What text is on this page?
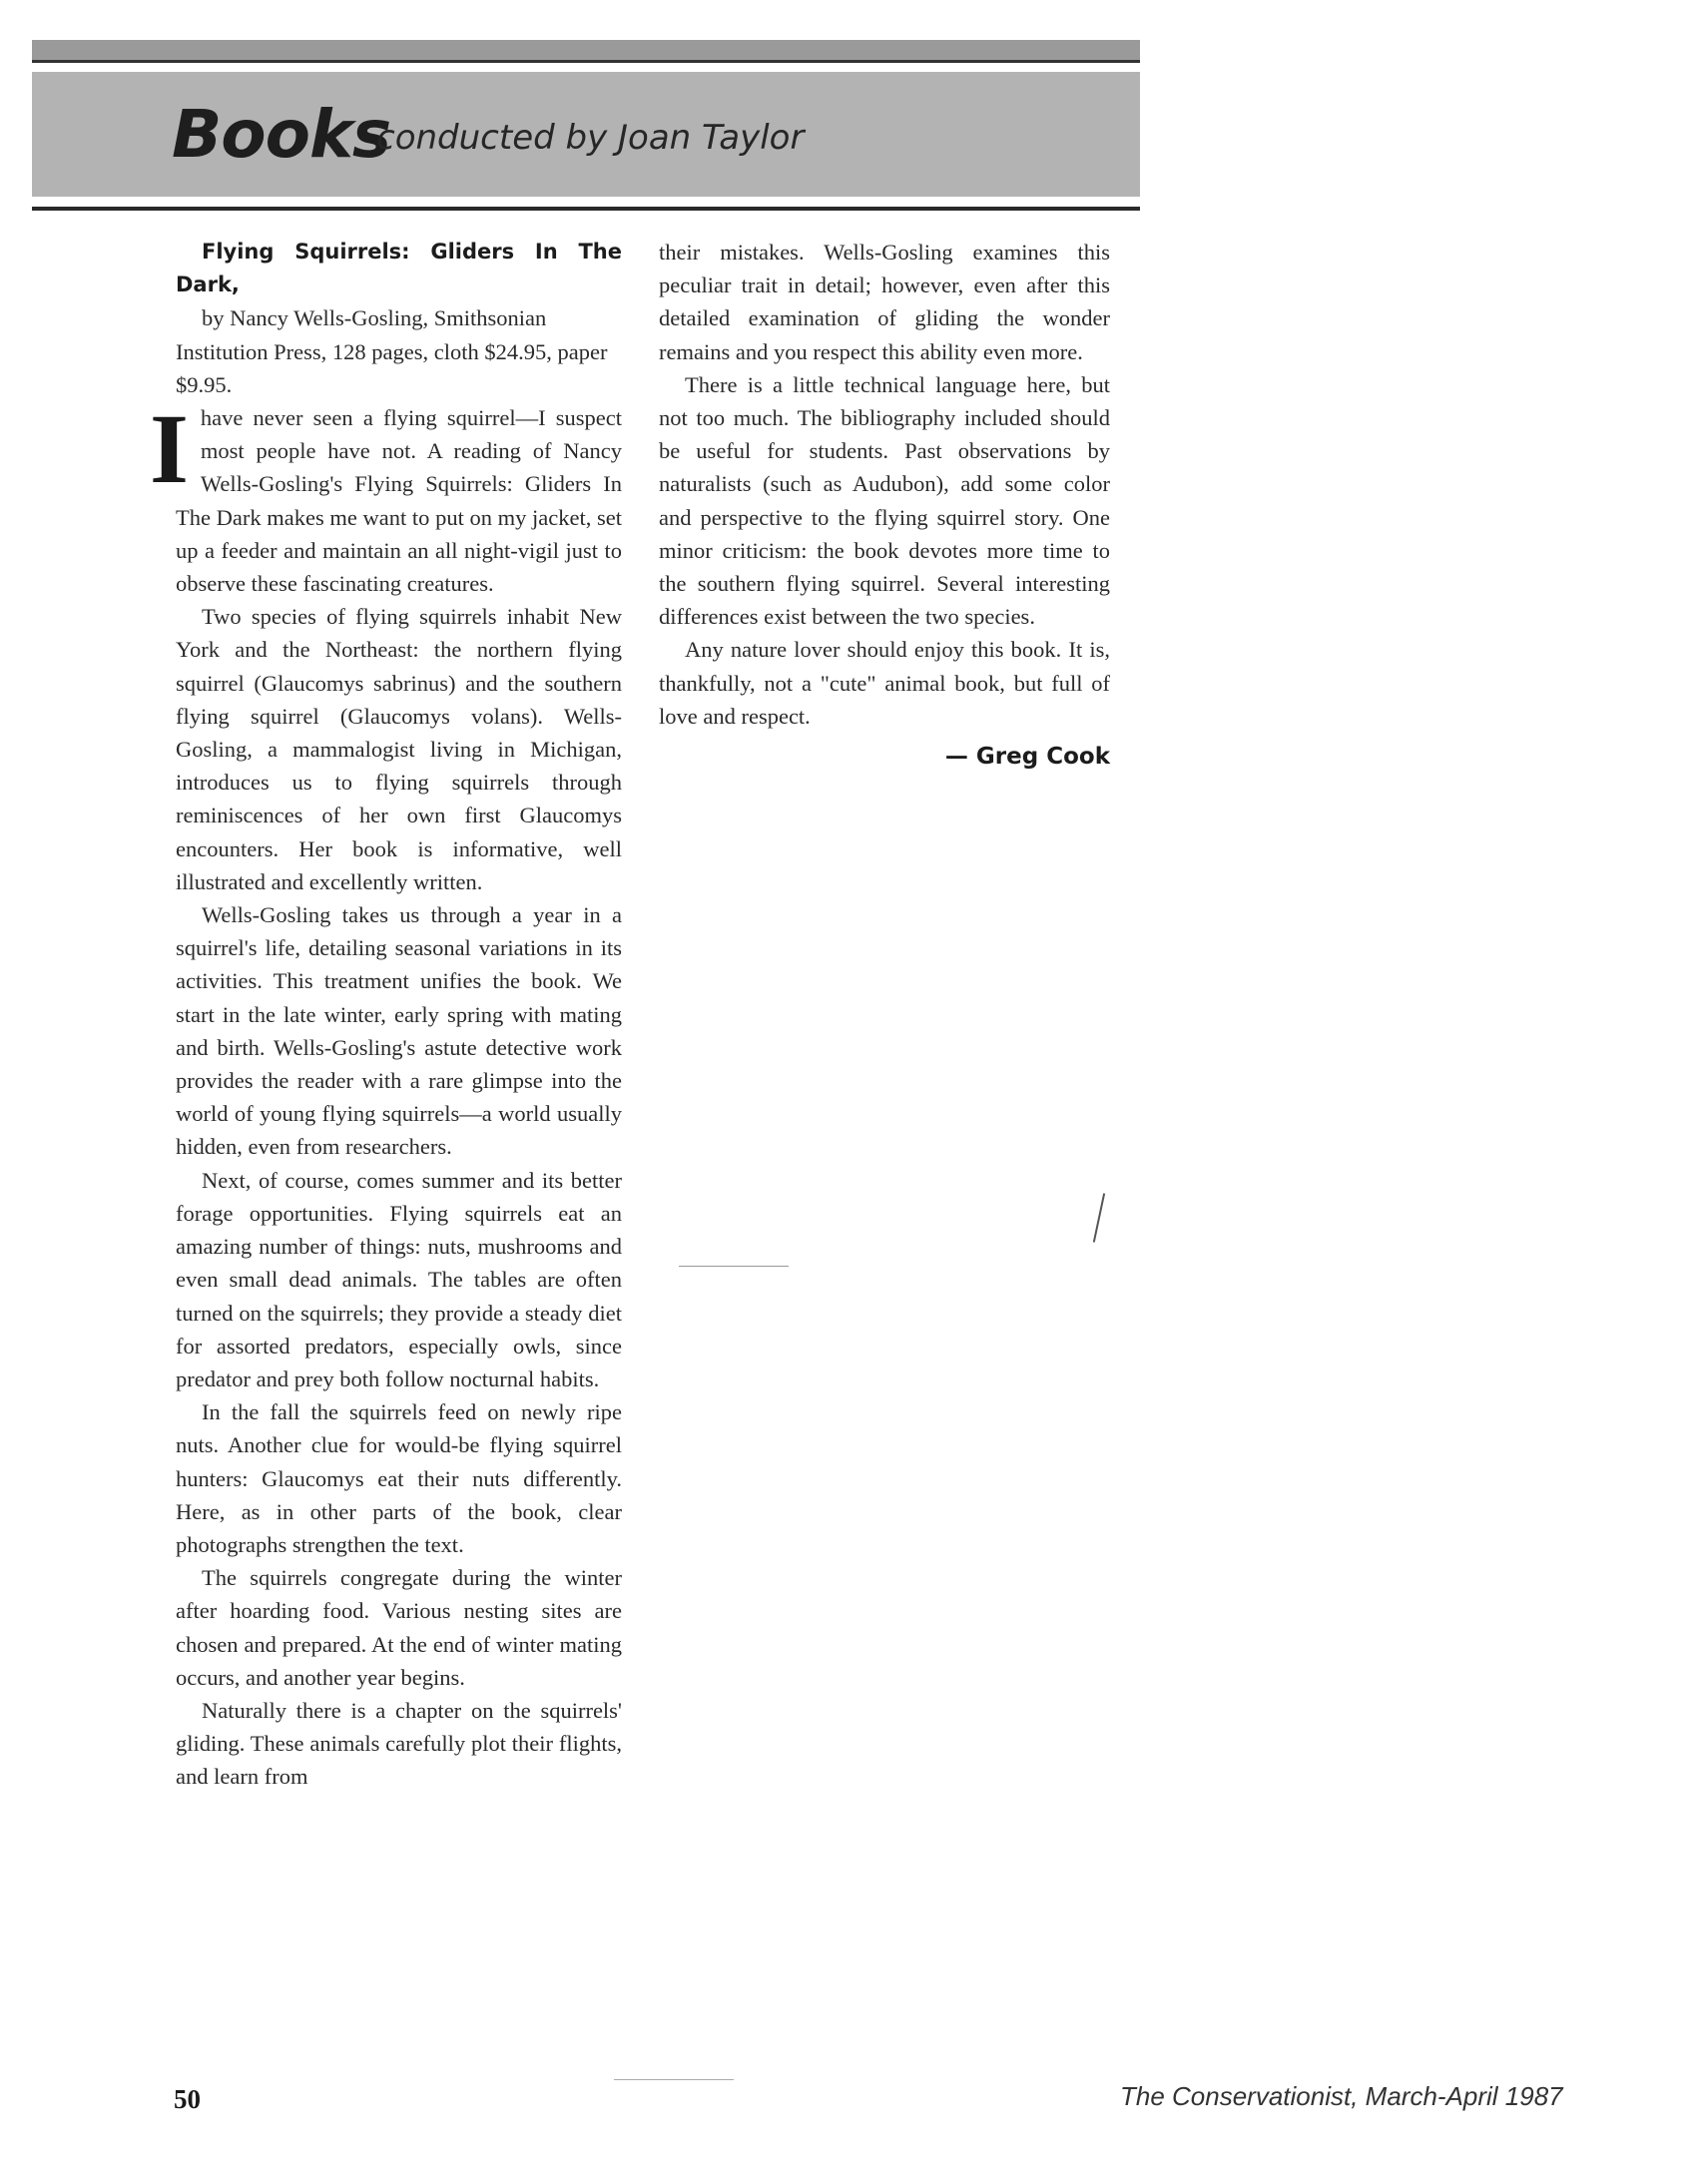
Books
conducted by Joan Taylor

Flying Squirrels: Gliders In The Dark,

by Nancy Wells-Gosling, Smithsonian Institution Press, 128 pages, cloth $24.95, paper $9.95.

Ihave never seen a flying squirrel—I suspect most people have not. A reading of Nancy Wells-Gosling's Flying Squirrels: Gliders In The Dark makes me want to put on my jacket, set up a feeder and maintain an all night-vigil just to observe these fascinating creatures.

Two species of flying squirrels inhabit New York and the Northeast: the northern flying squirrel (Glaucomys sabrinus) and the southern flying squirrel (Glaucomys volans). Wells-Gosling, a mammalogist living in Michigan, introduces us to flying squirrels through reminiscences of her own first Glaucomys encounters. Her book is informative, well illustrated and excellently written.

Wells-Gosling takes us through a year in a squirrel's life, detailing seasonal variations in its activities. This treatment unifies the book. We start in the late winter, early spring with mating and birth. Wells-Gosling's astute detective work provides the reader with a rare glimpse into the world of young flying squirrels—a world usually hidden, even from researchers.

Next, of course, comes summer and its better forage opportunities. Flying squirrels eat an amazing number of things: nuts, mushrooms and even small dead animals. The tables are often turned on the squirrels; they provide a steady diet for assorted predators, especially owls, since predator and prey both follow nocturnal habits.

In the fall the squirrels feed on newly ripe nuts. Another clue for would-be flying squirrel hunters: Glaucomys eat their nuts differently. Here, as in other parts of the book, clear photographs strengthen the text.

The squirrels congregate during the winter after hoarding food. Various nesting sites are chosen and prepared. At the end of winter mating occurs, and another year begins.

Naturally there is a chapter on the squirrels' gliding. These animals carefully plot their flights, and learn from

their mistakes. Wells-Gosling examines this peculiar trait in detail; however, even after this detailed examination of gliding the wonder remains and you respect this ability even more.

There is a little technical language here, but not too much. The bibliography included should be useful for students. Past observations by naturalists (such as Audubon), add some color and perspective to the flying squirrel story. One minor criticism: the book devotes more time to the southern flying squirrel. Several interesting differences exist between the two species.

Any nature lover should enjoy this book. It is, thankfully, not a "cute" animal book, but full of love and respect.

— Greg Cook
50	The Conservationist, March-April 1987
